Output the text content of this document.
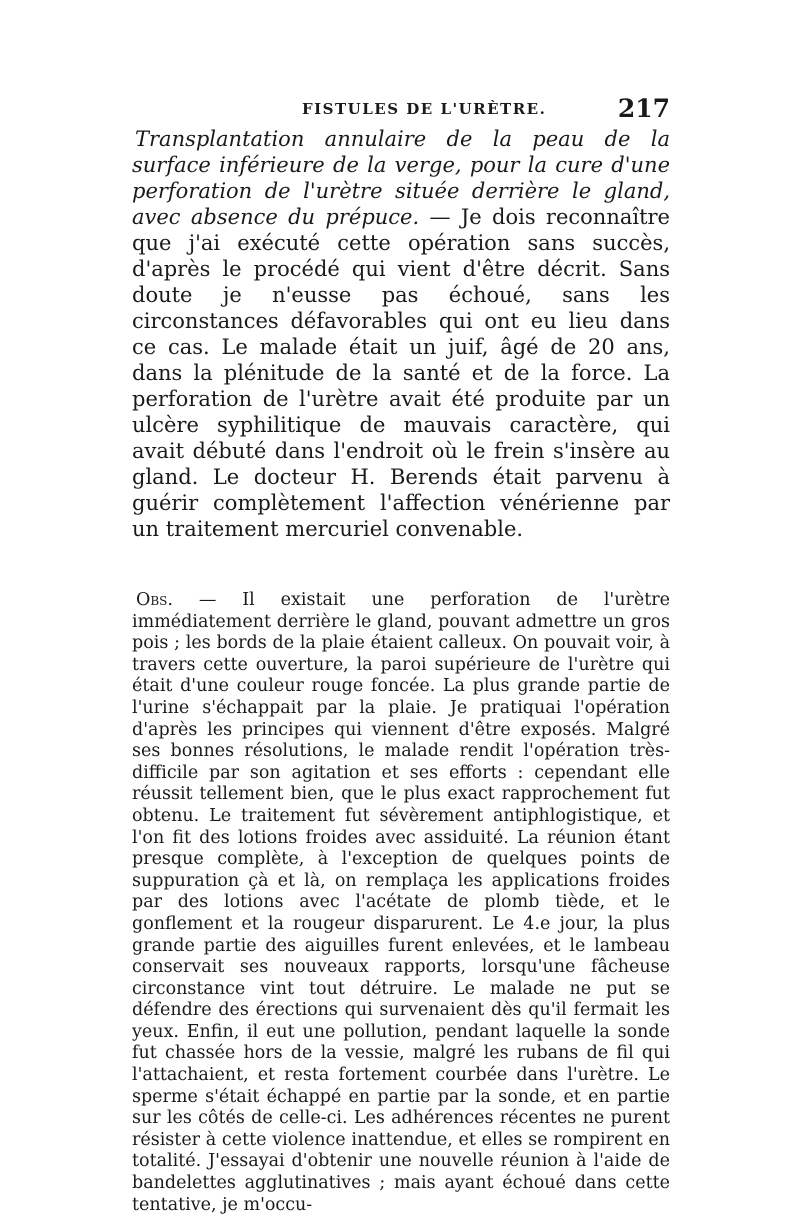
FISTULES DE L'URÈTRE.	217

Transplantation annulaire de la peau de la surface inférieure de la verge, pour la cure d'une perforation de l'urètre située derrière le gland, avec absence du prépuce. — Je dois reconnaître que j'ai exécuté cette opération sans succès, d'après le procédé qui vient d'être décrit. Sans doute je n'eusse pas échoué, sans les circonstances défavorables qui ont eu lieu dans ce cas. Le malade était un juif, âgé de 20 ans, dans la plénitude de la santé et de la force. La perforation de l'urètre avait été produite par un ulcère syphilitique de mauvais caractère, qui avait débuté dans l'endroit où le frein s'insère au gland. Le docteur H. Berends était parvenu à guérir complètement l'affection vénérienne par un traitement mercuriel convenable.

Obs. — Il existait une perforation de l'urètre immédiatement derrière le gland, pouvant admettre un gros pois ; les bords de la plaie étaient calleux. On pouvait voir, à travers cette ouverture, la paroi supérieure de l'urètre qui était d'une couleur rouge foncée. La plus grande partie de l'urine s'échappait par la plaie. Je pratiquai l'opération d'après les principes qui viennent d'être exposés. Malgré ses bonnes résolutions, le malade rendit l'opération très-difficile par son agitation et ses efforts : cependant elle réussit tellement bien, que le plus exact rapprochement fut obtenu. Le traitement fut sévèrement antiphlogistique, et l'on fit des lotions froides avec assiduité. La réunion étant presque complète, à l'exception de quelques points de suppuration çà et là, on remplaça les applications froides par des lotions avec l'acétate de plomb tiède, et le gonflement et la rougeur disparurent. Le 4.e jour, la plus grande partie des aiguilles furent enlevées, et le lambeau conservait ses nouveaux rapports, lorsqu'une fâcheuse circonstance vint tout détruire. Le malade ne put se défendre des érections qui survenaient dès qu'il fermait les yeux. Enfin, il eut une pollution, pendant laquelle la sonde fut chassée hors de la vessie, malgré les rubans de fil qui l'attachaient, et resta fortement courbée dans l'urètre. Le sperme s'était échappé en partie par la sonde, et en partie sur les côtés de celle-ci. Les adhérences récentes ne purent résister à cette violence inattendue, et elles se rompirent en totalité. J'essayai d'obtenir une nouvelle réunion à l'aide de bandelettes agglutinatives ; mais ayant échoué dans cette tentative, je m'occu-
